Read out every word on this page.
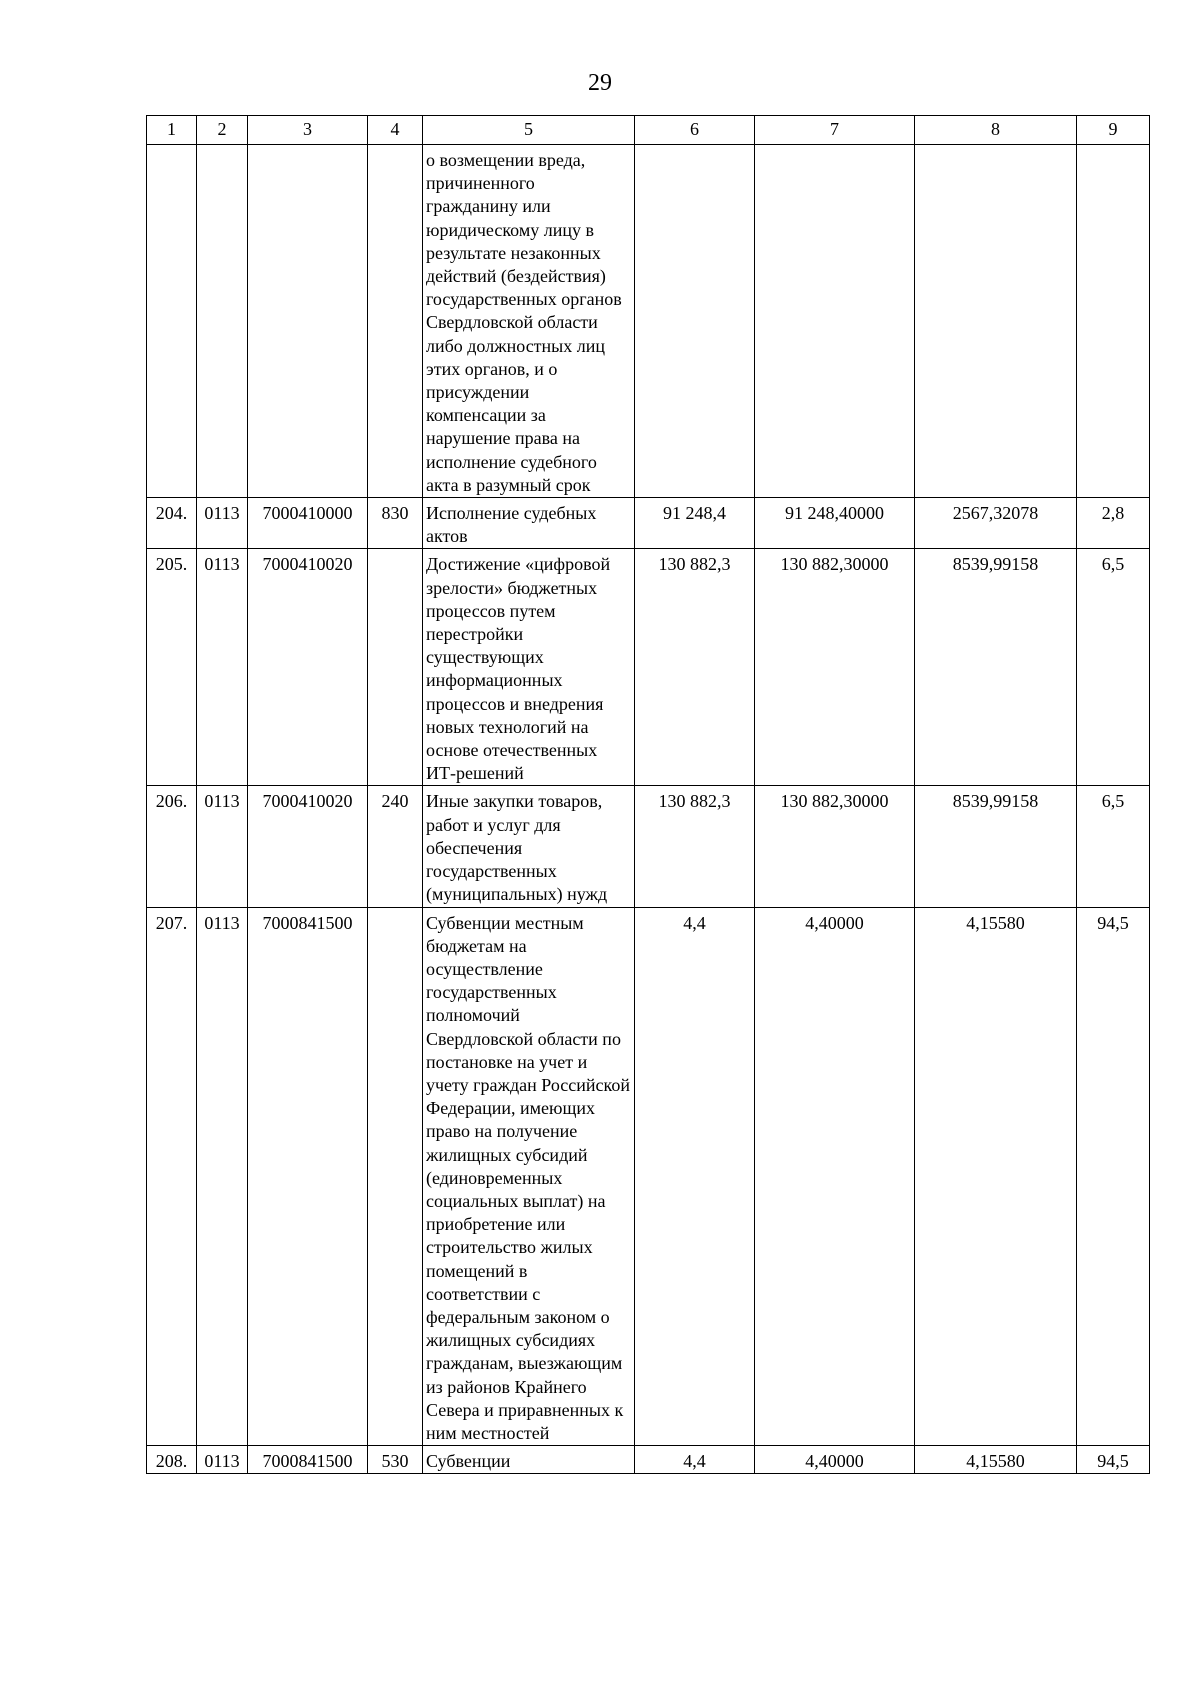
29
1	2	3	4	5	6	7	8	9
				о возмещении вреда, причиненного гражданину или юридическому лицу в результате незаконных действий (бездействия) государственных органов Свердловской области либо должностных лиц этих органов, и о присуждении компенсации за нарушение права на исполнение судебного акта в разумный срок				
204.	0113	7000410000	830	Исполнение судебных актов	91 248,4	91 248,40000	2567,32078	2,8
205.	0113	7000410020		Достижение «цифровой зрелости» бюджетных процессов путем перестройки существующих информационных процессов и внедрения новых технологий на основе отечественных ИТ-решений	130 882,3	130 882,30000	8539,99158	6,5
206.	0113	7000410020	240	Иные закупки товаров, работ и услуг для обеспечения государственных (муниципальных) нужд	130 882,3	130 882,30000	8539,99158	6,5
207.	0113	7000841500		Субвенции местным бюджетам на осуществление государственных полномочий Свердловской области по постановке на учет и учету граждан Российской Федерации, имеющих право на получение жилищных субсидий (единовременных социальных выплат) на приобретение или строительство жилых помещений в соответствии с федеральным законом о жилищных субсидиях гражданам, выезжающим из районов Крайнего Севера и приравненных к ним местностей	4,4	4,40000	4,15580	94,5
208.	0113	7000841500	530	Субвенции	4,4	4,40000	4,15580	94,5
